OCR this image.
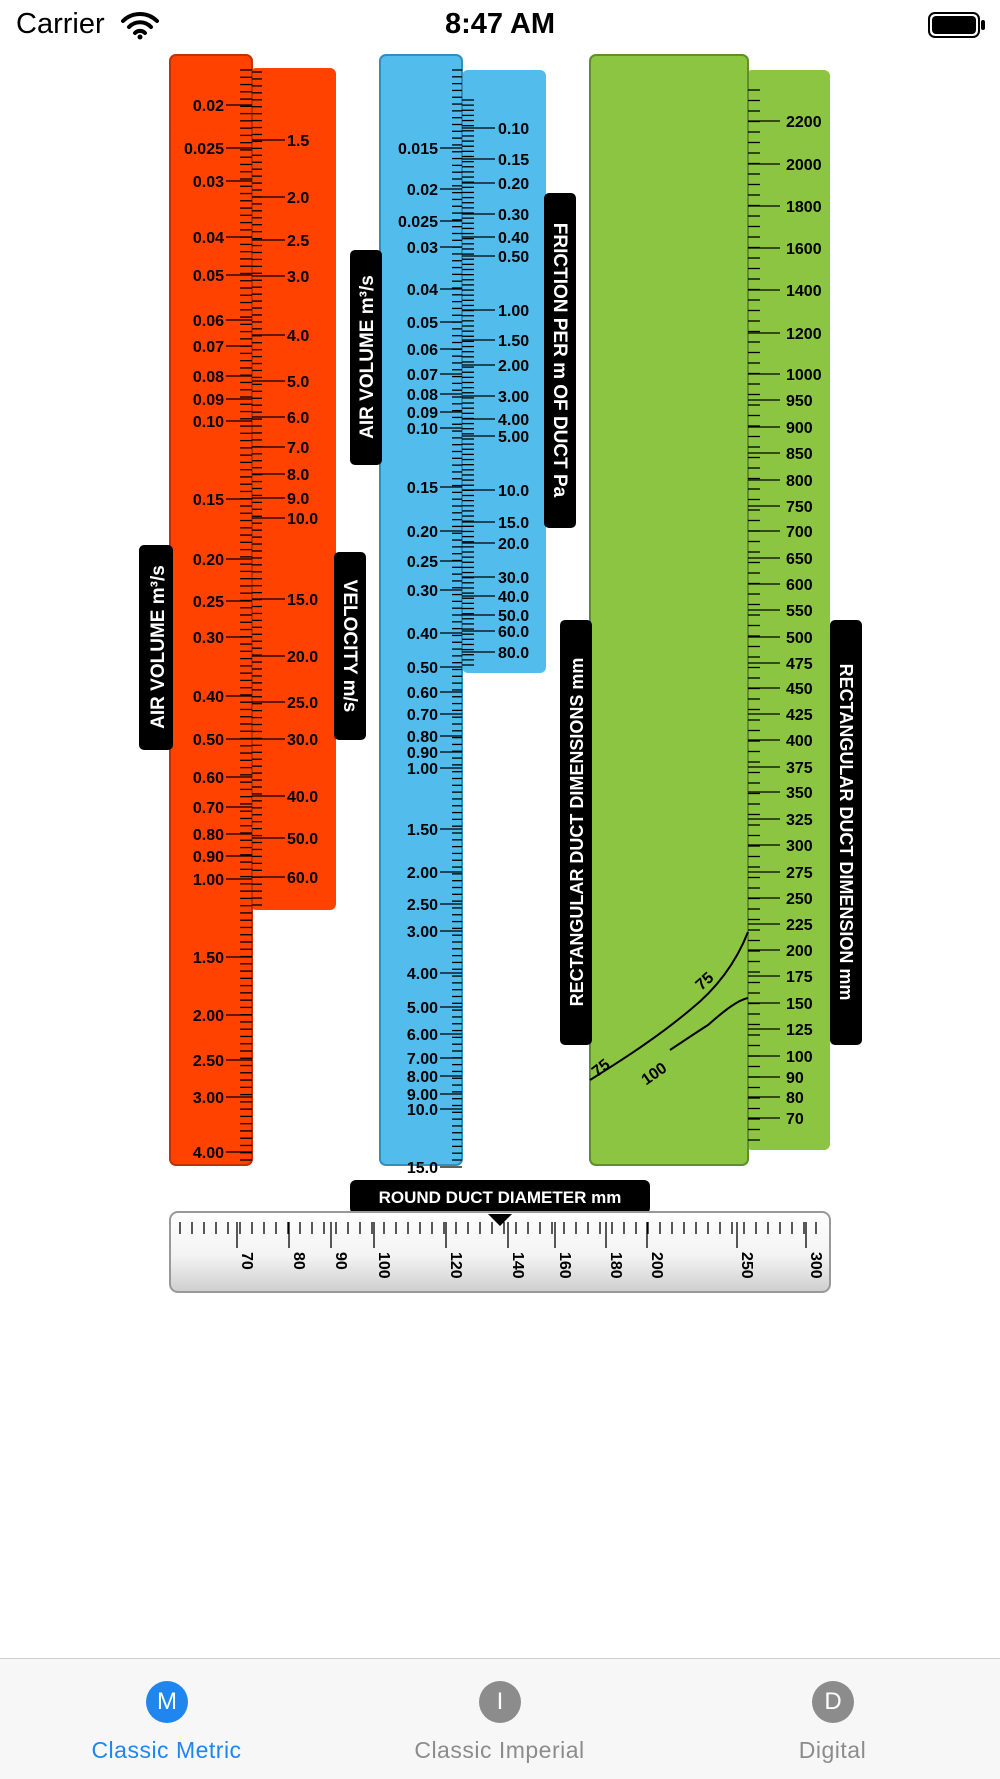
Carrier	8:47 AM
0.02
0.025
0.03
0.04
0.05
0.06
0.07
0.08
0.09
0.10
0.15
0.20
0.25
0.30
0.40
0.50
0.60
0.70
0.80
0.90
1.00
1.50
2.00
2.50
3.00
4.00
1.5
2.0
2.5
3.0
4.0
5.0
6.0
7.0
8.0
9.0
10.0
15.0
20.0
25.0
30.0
40.0
50.0
60.0
AIR VOLUME m³/s	VELOCITY m/s
0.015
0.02
0.025
0.03
0.04
0.05
0.06
0.07
0.08
0.09
0.10
0.15
0.20
0.25
0.30
0.40
0.50
0.60
0.70
0.80
0.90
1.00
1.50
2.00
2.50
3.00
4.00
5.00
6.00
7.00
8.00
9.00
10.0
15.0
0.10
0.15
0.20
0.30
0.40
0.50
1.00
1.50
2.00
3.00
4.00
5.00
10.0
15.0
20.0
30.0
40.0
50.0
60.0
80.0
AIR VOLUME m³/s	FRICTION PER m OF DUCT Pa
2200
2000
1800
1600
1400
1200
1000
950
900
850
800
750
700
650
600
550
500
475
450
425
400
375
350
325
300
275
250
225
200
175
150
125
100
90
80
70
75
75
100
RECTANGULAR DUCT DIMENSIONS mm	RECTANGULAR DUCT DIMENSION mm
ROUND DUCT DIAMETER mm
70 80 90 100	120	140 160 180 200	250	300
M
Classic Metric
I
Classic Imperial
D
Digital
